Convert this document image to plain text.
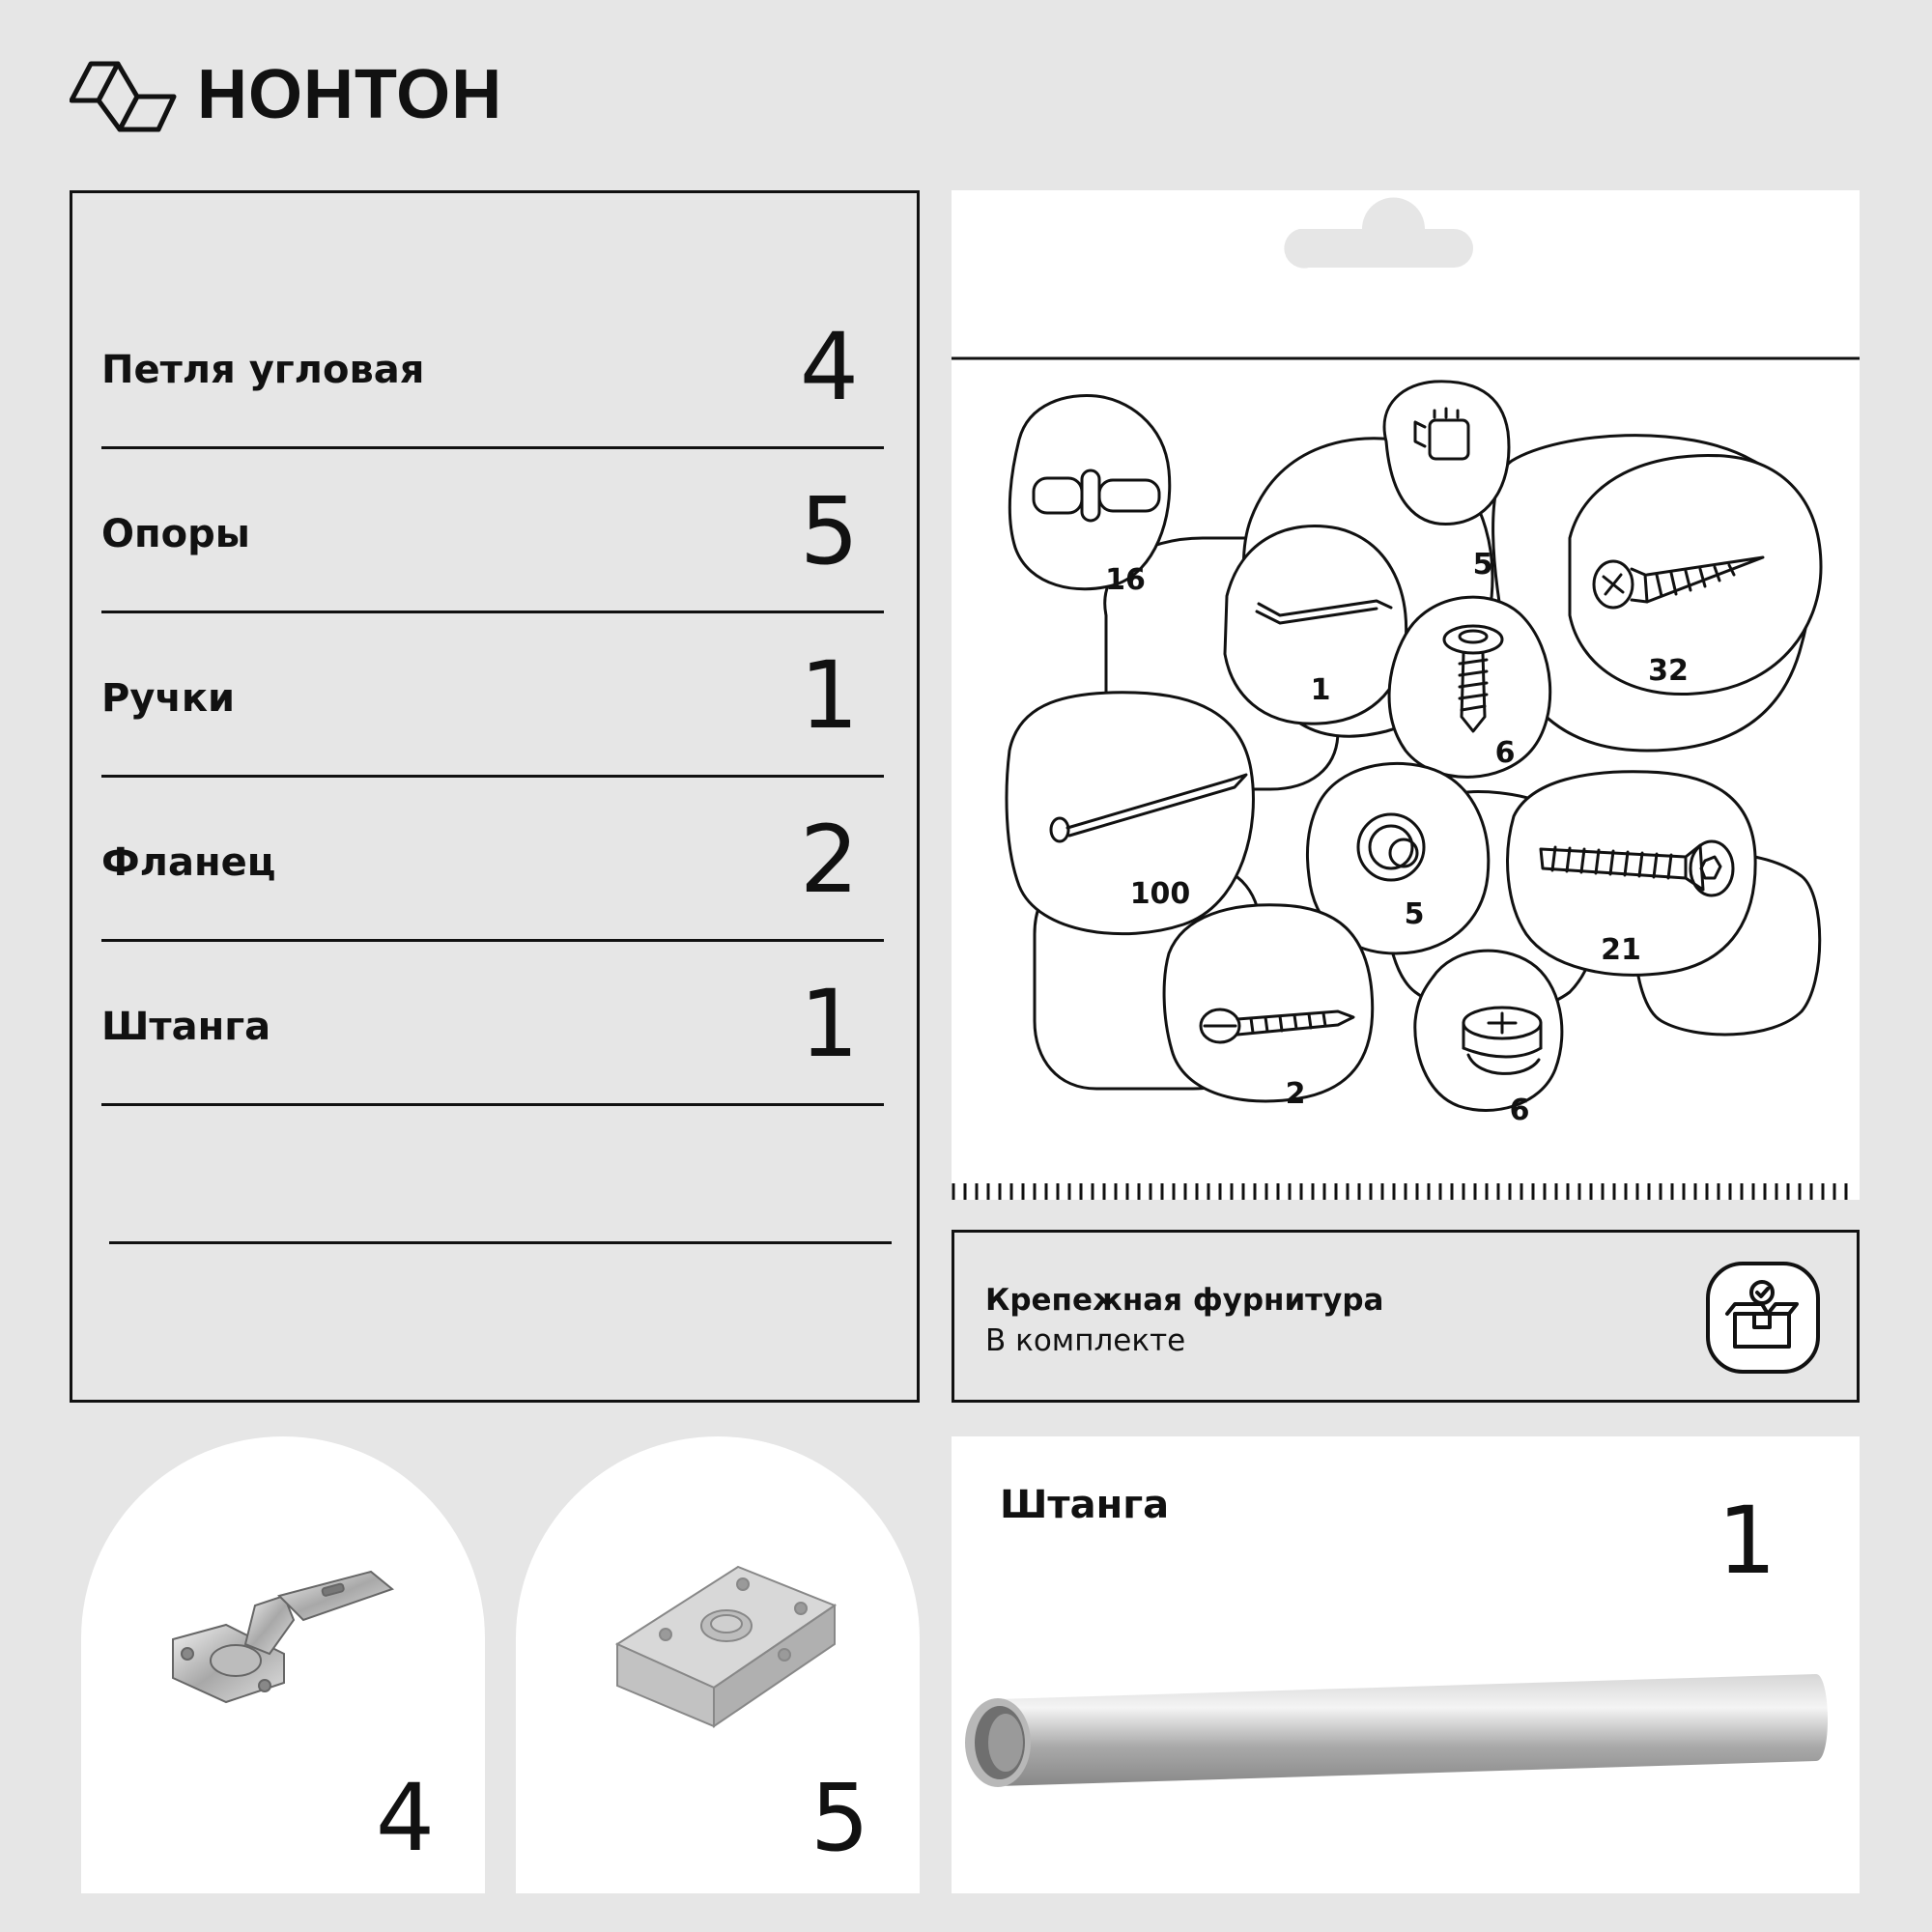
НОНТОН
Петля угловая	4
Опоры	5
Ручки	1
Фланец	2
Штанга	1
16	5
1
32
6
100
5
21
2	6
Крепежная фурнитура
В комплекте
4	5
Штанга	1
